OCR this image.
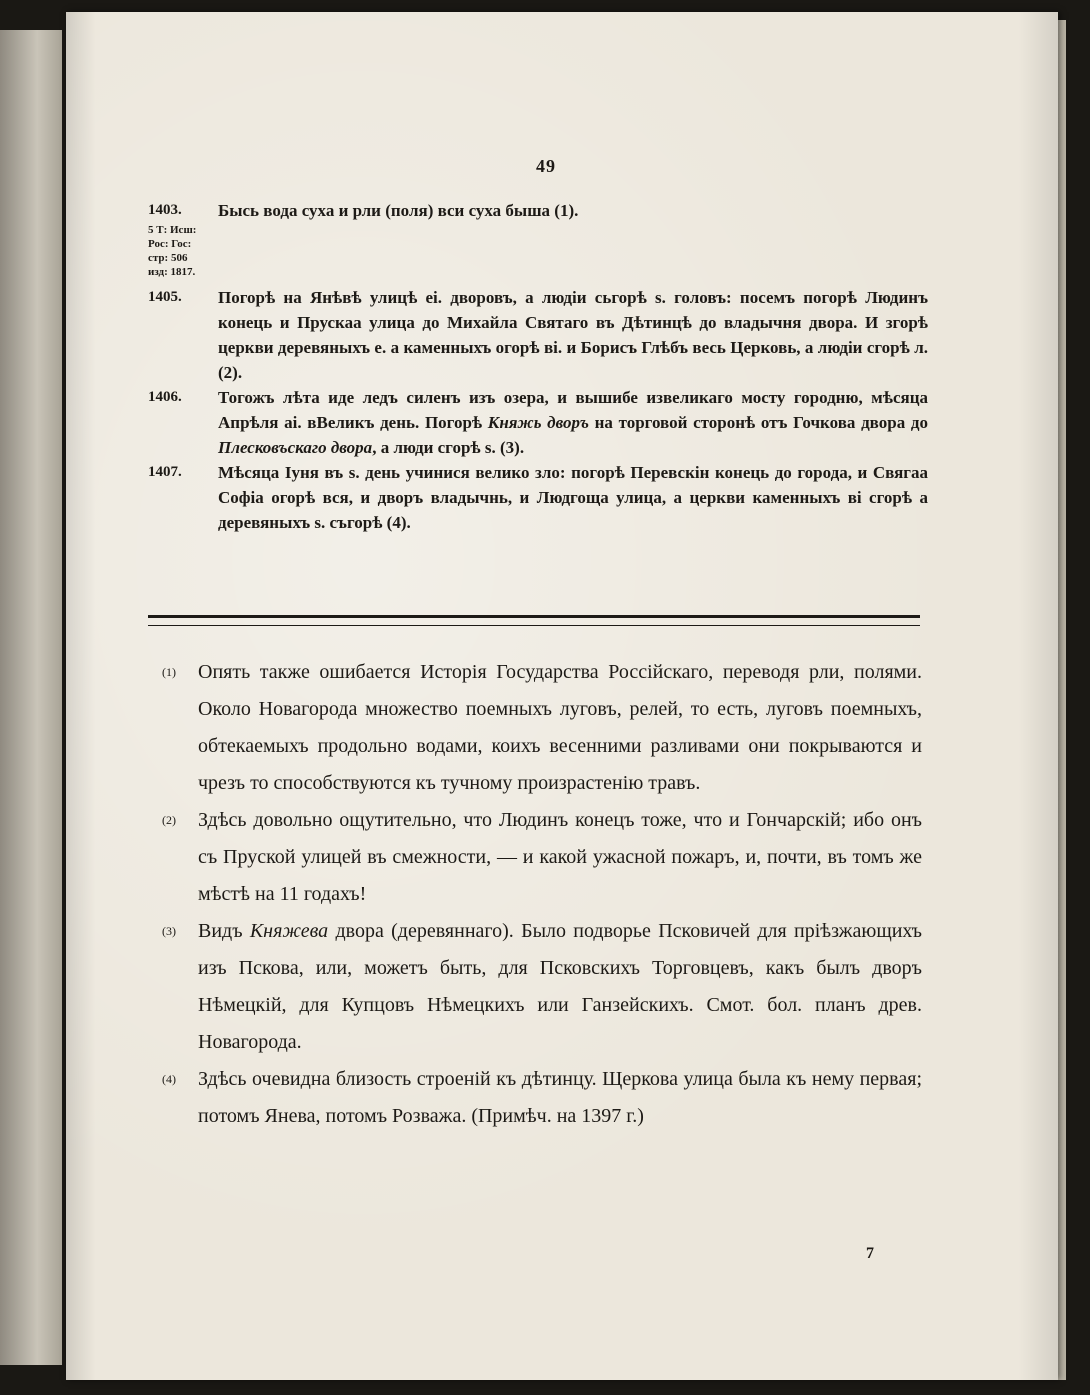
49
1403.	Бысь вода суха и рли (поля) вси суха быша (1).
5 Т: Исш:
Рос: Гос:
стр: 506
изд: 1817.
1405.	Погорѣ на Янѣвѣ улицѣ еі. дворовъ, а людіи сьгорѣ s. головъ: посемъ погорѣ Людинъ конець и Прускаа улица до Михайла Святаго въ Дѣтинцѣ до владычня двора. И згорѣ церкви деревяныхъ е. а каменныхъ огорѣ ві. и Борисъ Глѣбъ весь Церковь, а людіи сгорѣ л. (2).
1406.	Тогожъ лѣта иде ледъ силенъ изъ озера, и вышибе извеликаго мосту городню, мѣсяца Апрѣля аі. вВеликъ день. Погорѣ Княжь дворъ на торговой сторонѣ отъ Гочкова двора до Плесковъскаго двора, а люди сгорѣ s. (3).
1407.	Мѣсяца Іуня въ s. день учинися велико зло: погорѣ Перевскін конець до города, и Свягаа Софіа огорѣ вся, и дворъ владычнь, и Людгоща улица, а церкви каменныхъ ві сгорѣ а деревяныхъ s. съгорѣ (4).
(1) Опять также ошибается Исторія Государства Россійскаго, переводя рли, полями. Около Новагорода множество поемныхъ луговъ, релей, то есть, луговъ поемныхъ, обтекаемыхъ продольно водами, коихъ весенними разливами они покрываются и чрезъ то способствуются къ тучному произрастенію травъ.
(2) Здѣсь довольно ощутительно, что Людинъ конецъ тоже, что и Гончарскій; ибо онъ съ Пруской улицей въ смежности, — и какой ужасной пожаръ, и, почти, въ томъ же мѣстѣ на 11 годахъ!
(3) Видъ Княжева двора (деревяннаго). Было подворье Псковичей для пріѣзжающихъ изъ Пскова, или, можетъ быть, для Псковскихъ Торговцевъ, какъ былъ дворъ Нѣмецкій, для Купцовъ Нѣмецкихъ или Ганзейскихъ. Смот. бол. планъ древ. Новагорода.
(4) Здѣсь очевидна близость строеній къ дѣтинцу. Щеркова улица была къ нему первая; потомъ Янева, потомъ Розважа. (Примѣч. на 1397 г.)
7
